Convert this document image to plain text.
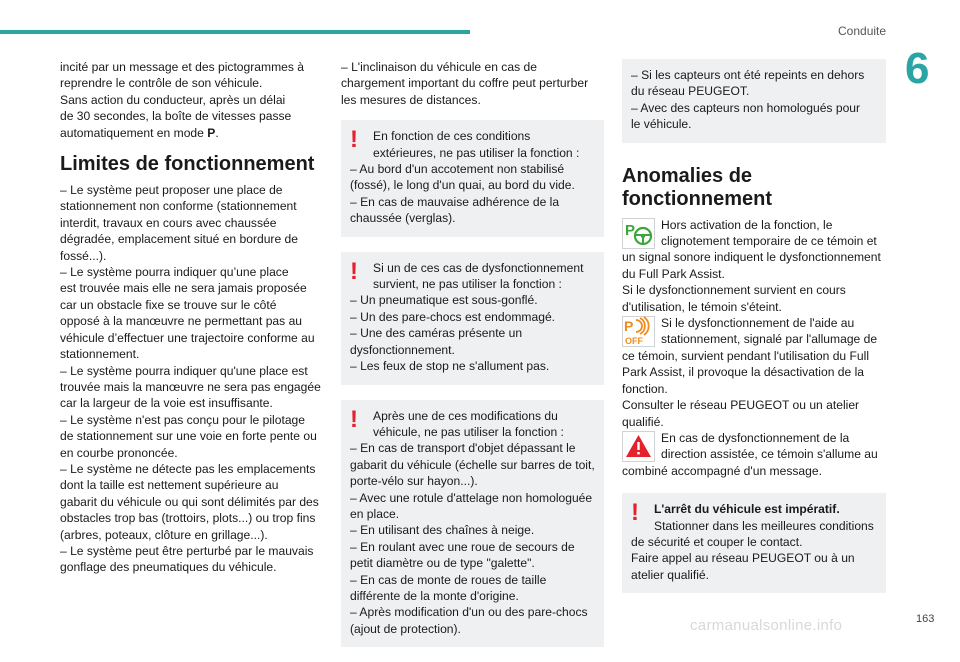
Conduite
6

incité par un message et des pictogrammes à

reprendre le contrôle de son véhicule.

Sans action du conducteur, après un délai

de 30 secondes, la boîte de vitesses passe

automatiquement en mode P.

Limites de fonctionnement

– Le système peut proposer une place de

stationnement non conforme (stationnement

interdit, travaux en cours avec chaussée

dégradée, emplacement situé en bordure de

fossé...).

– Le système pourra indiquer qu’une place

est trouvée mais elle ne sera jamais proposée

car un obstacle fixe se trouve sur le côté

opposé à la manœuvre ne permettant pas au

véhicule d’effectuer une trajectoire conforme au

stationnement.

– Le système pourra indiquer qu'une place est

trouvée mais la manœuvre ne sera pas engagée

car la largeur de la voie est insuffisante.

– Le système n'est pas conçu pour le pilotage

de stationnement sur une voie en forte pente ou

en courbe prononcée.

– Le système ne détecte pas les emplacements

dont la taille est nettement supérieure au

gabarit du véhicule ou qui sont délimités par des

obstacles trop bas (trottoirs, plots...) ou trop fins

(arbres, poteaux, clôture en grillage...).

– Le système peut être perturbé par le mauvais

gonflage des pneumatiques du véhicule.

– L'inclinaison du véhicule en cas de

chargement important du coffre peut perturber

les mesures de distances.

!	En fonction de ces conditions

extérieures, ne pas utiliser la fonction :

– Au bord d'un accotement non stabilisé

(fossé), le long d'un quai, au bord du vide.

– En cas de mauvaise adhérence de la

chaussée (verglas).

!	Si un de ces cas de dysfonctionnement

survient, ne pas utiliser la fonction :

– Un pneumatique est sous-gonflé.

– Un des pare-chocs est endommagé.

– Une des caméras présente un

dysfonctionnement.

– Les feux de stop ne s'allument pas.

!	Après une de ces modifications du

véhicule, ne pas utiliser la fonction :

– En cas de transport d'objet dépassant le

gabarit du véhicule (échelle sur barres de toit,

porte-vélo sur hayon...).

– Avec une rotule d'attelage non homologuée

en place.

– En utilisant des chaînes à neige.

– En roulant avec une roue de secours de

petit diamètre ou de type "galette".

– En cas de monte de roues de taille

différente de la monte d'origine.

– Après modification d'un ou des pare-chocs

(ajout de protection).

– Si les capteurs ont été repeints en dehors

du réseau PEUGEOT.

– Avec des capteurs non homologués pour

le véhicule.

Anomalies de
fonctionnement
P	Hors activation de la fonction, le

clignotement temporaire de ce témoin et

un signal sonore indiquent le dysfonctionnement

du Full Park Assist.

Si le dysfonctionnement survient en cours

d'utilisation, le témoin s'éteint.

P
OFF

Si le dysfonctionnement de l'aide au

stationnement, signalé par l'allumage de

ce témoin, survient pendant l'utilisation du Full

Park Assist, il provoque la désactivation de la

fonction.

Consulter le réseau PEUGEOT ou un atelier

qualifié.

En cas de dysfonctionnement de la

direction assistée, ce témoin s'allume au

combiné accompagné d'un message.

!	L'arrêt du véhicule est impératif.

Stationner dans les meilleures conditions

de sécurité et couper le contact.

Faire appel au réseau PEUGEOT ou à un

atelier qualifié.

carmanualsonline.info	163
